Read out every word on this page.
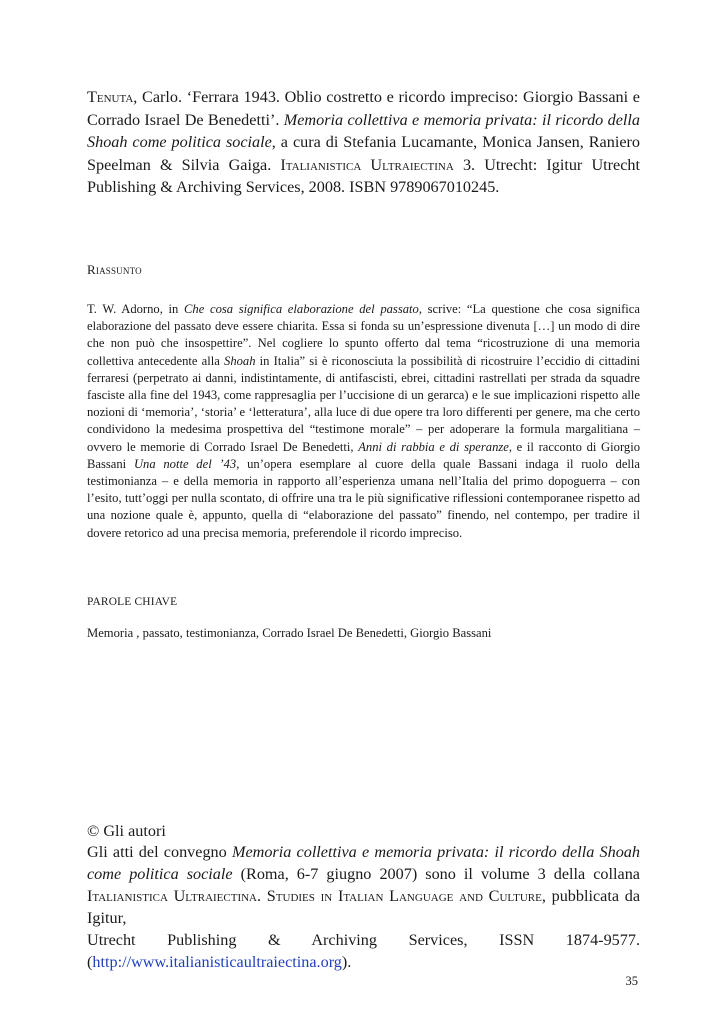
Tenuta, Carlo. ‘Ferrara 1943. Oblio costretto e ricordo impreciso: Giorgio Bassani e Corrado Israel De Benedetti’. Memoria collettiva e memoria privata: il ricordo della Shoah come politica sociale, a cura di Stefania Lucamante, Monica Jansen, Raniero Speelman & Silvia Gaiga. Italianistica Ultraiectina 3. Utrecht: Igitur Utrecht Publishing & Archiving Services, 2008. ISBN 9789067010245.
Riassunto
T. W. Adorno, in Che cosa significa elaborazione del passato, scrive: “La questione che cosa significa elaborazione del passato deve essere chiarita. Essa si fonda su un’espressione divenuta […] un modo di dire che non può che insospettire”. Nel cogliere lo spunto offerto dal tema “ricostruzione di una memoria collettiva antecedente alla Shoah in Italia” si è riconosciuta la possibilità di ricostruire l’eccidio di cittadini ferraresi (perpetrato ai danni, indistintamente, di antifascisti, ebrei, cittadini rastrellati per strada da squadre fasciste alla fine del 1943, come rappresaglia per l’uccisione di un gerarca) e le sue implicazioni rispetto alle nozioni di ‘memoria’, ‘storia’ e ‘letteratura’, alla luce di due opere tra loro differenti per genere, ma che certo condividono la medesima prospettiva del “testimone morale” – per adoperare la formula margalitiana – ovvero le memorie di Corrado Israel De Benedetti, Anni di rabbia e di speranze, e il racconto di Giorgio Bassani Una notte del ’43, un’opera esemplare al cuore della quale Bassani indaga il ruolo della testimonianza – e della memoria in rapporto all’esperienza umana nell’Italia del primo dopoguerra – con l’esito, tutt’oggi per nulla scontato, di offrire una tra le più significative riflessioni contemporanee rispetto ad una nozione quale è, appunto, quella di “elaborazione del passato” finendo, nel contempo, per tradire il dovere retorico ad una precisa memoria, preferendole il ricordo impreciso.
PAROLE CHIAVE
Memoria , passato, testimonianza, Corrado Israel De Benedetti, Giorgio Bassani
© Gli autori
Gli atti del convegno Memoria collettiva e memoria privata: il ricordo della Shoah come politica sociale (Roma, 6-7 giugno 2007) sono il volume 3 della collana Italianistica Ultraiectina. Studies in Italian Language and Culture, pubblicata da Igitur,
Utrecht Publishing & Archiving Services, ISSN 1874-9577.
(http://www.italianisticaultraiectina.org).
35
